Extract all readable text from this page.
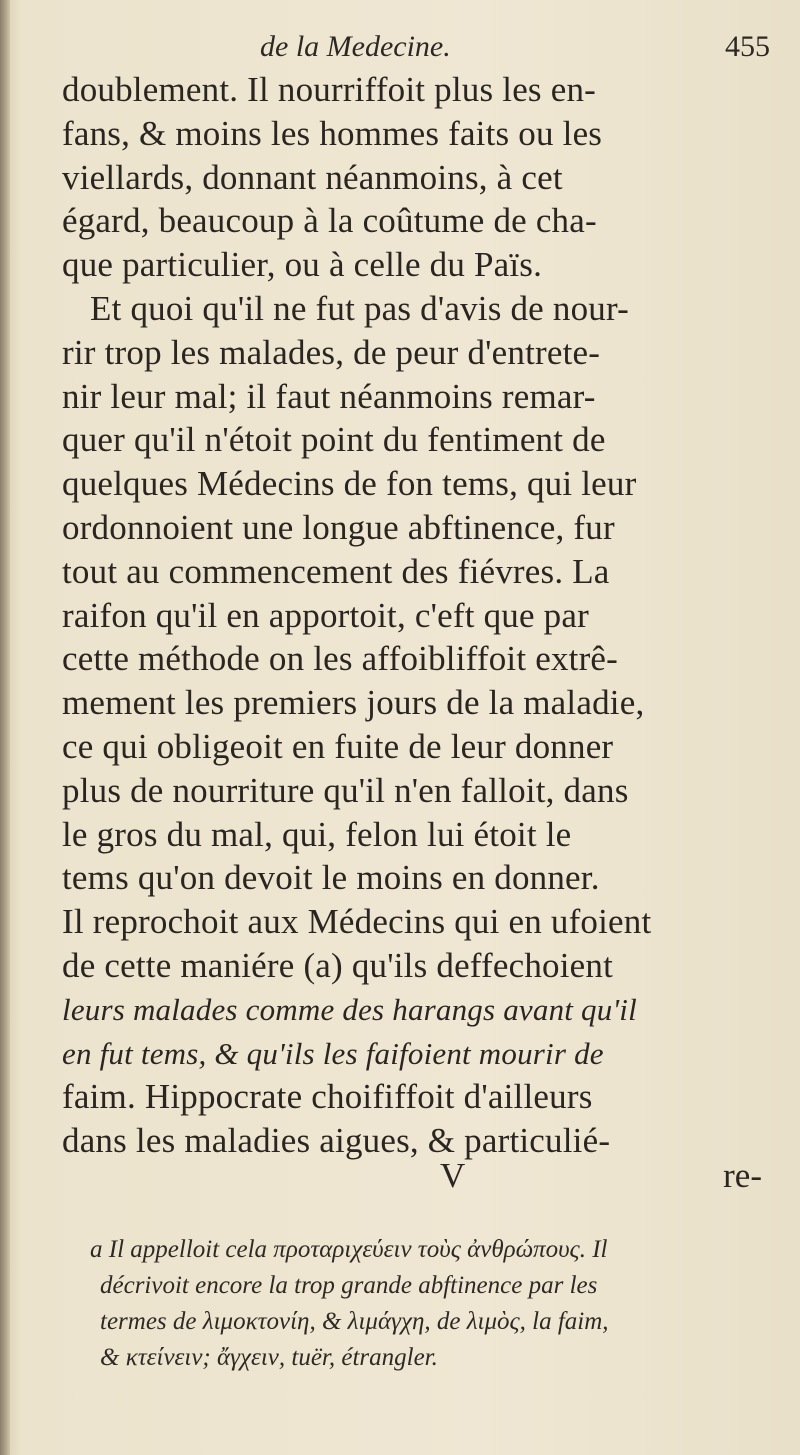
de la Medecine.	455
doublement. Il nourriffoit plus les en-
fans, & moins les hommes faits ou les
viellards, donnant néanmoins, à cet
égard, beaucoup à la coûtume de cha-
que particulier, ou à celle du Païs.
Et quoi qu'il ne fut pas d'avis de nour-
rir trop les malades, de peur d'entrete-
nir leur mal; il faut néanmoins remar-
quer qu'il n'étoit point du fentiment de
quelques Médecins de fon tems, qui leur
ordonnoient une longue abftinence, fur
tout au commencement des fiévres. La
raifon qu'il en apportoit, c'eft que par
cette méthode on les affoibliffoit extrê-
mement les premiers jours de la maladie,
ce qui obligeoit en fuite de leur donner
plus de nourriture qu'il n'en falloit, dans
le gros du mal, qui, felon lui étoit le
tems qu'on devoit le moins en donner.
Il reprochoit aux Médecins qui en ufoient
de cette maniére (a) qu'ils deffechoient
leurs malades comme des harangs avant qu'il
en fut tems, & qu'ils les faifoient mourir de
faim. Hippocrate choififfoit d'ailleurs
dans les maladies aigues, & particulié-
V	re-
a Il appelloit cela προταριχεύειν τοὺς ἀνθρώπους. Il
décrivoit encore la trop grande abftinence par les
termes de λιμοκτονίη, & λιμάγχη, de λιμὸς, la faim,
& κτείνειν; ἄγχειν, tuër, étrangler.
